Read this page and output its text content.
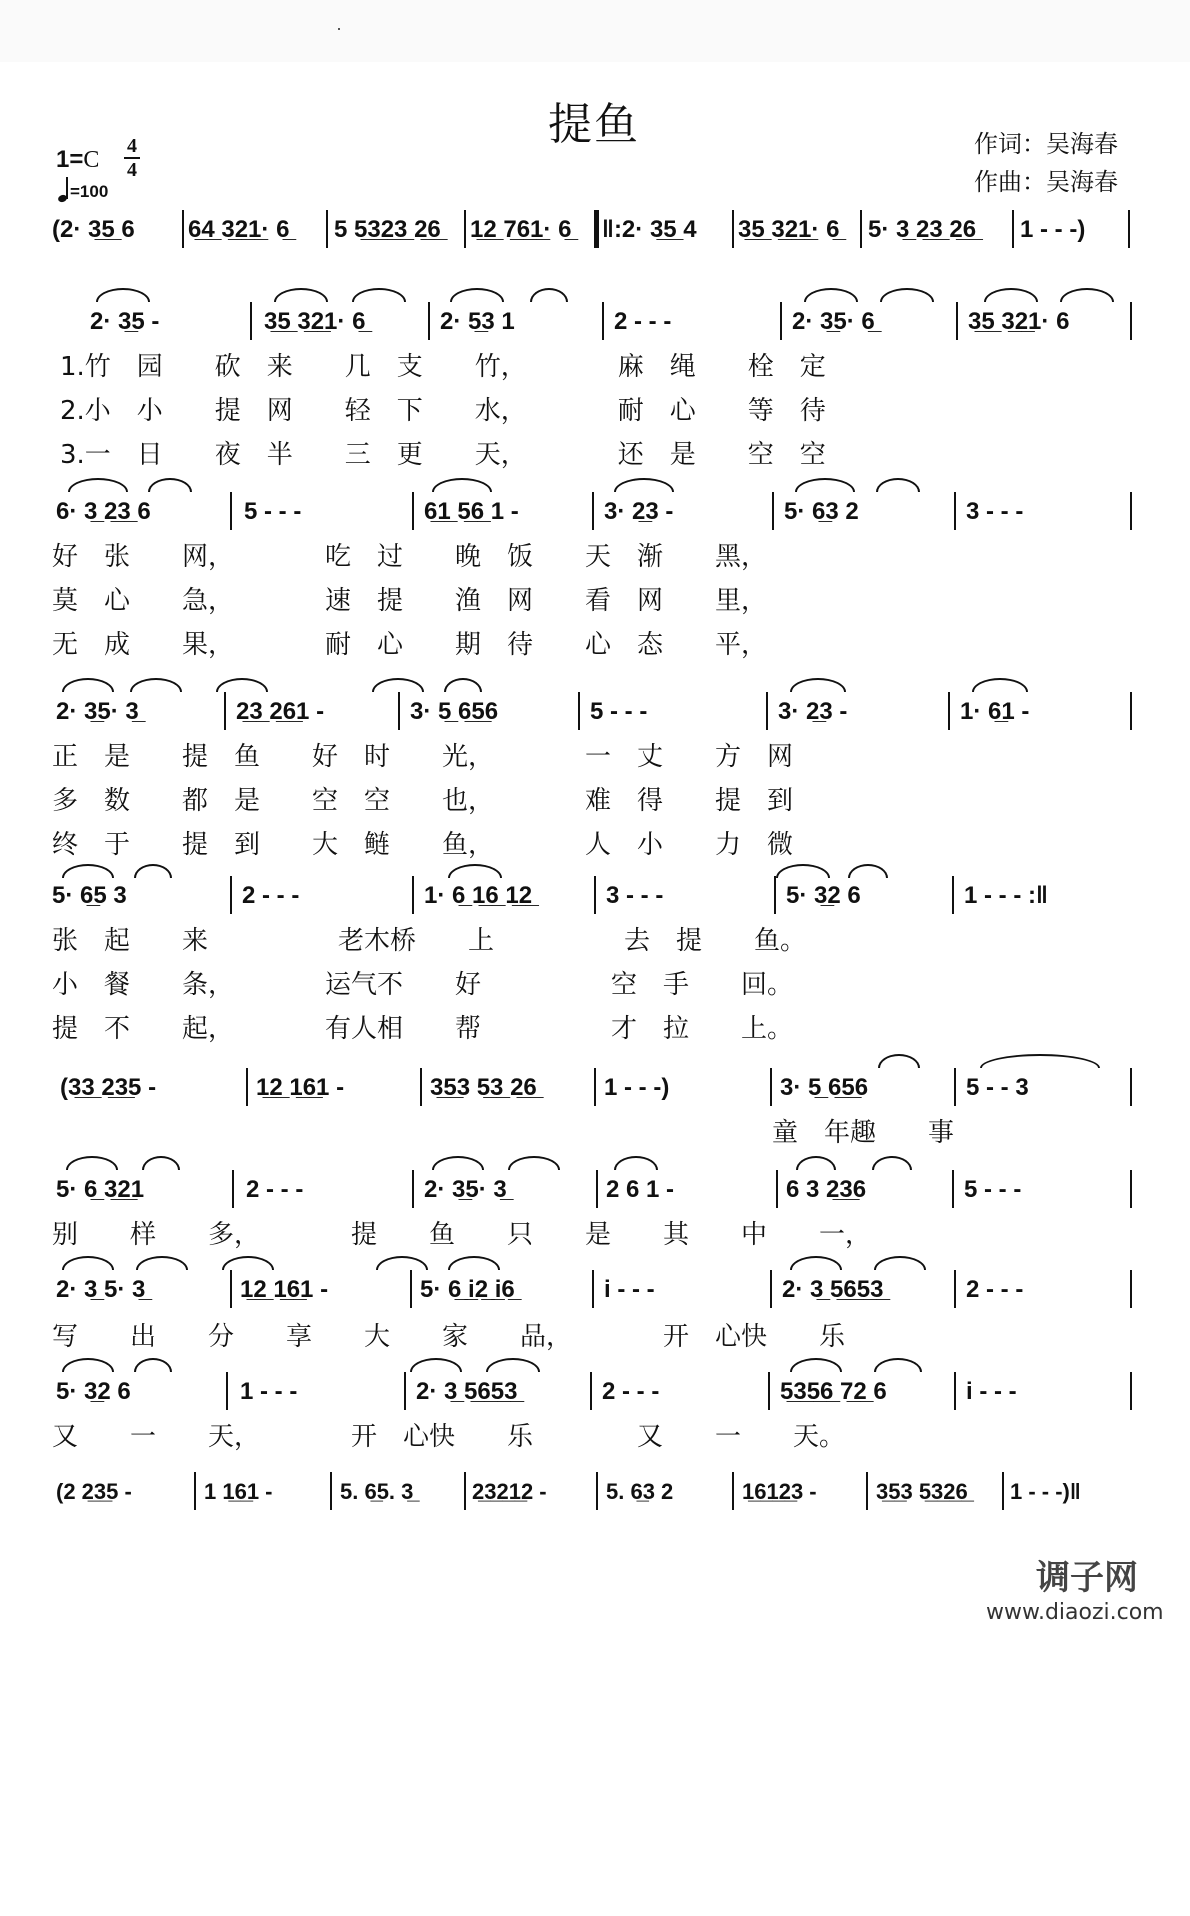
提鱼	作词：吴海春
作曲：吴海春
1=C
4
4
=100

(2· 3̲5̲ 6

6̲4̲ 3̲2̲1̲· 6̲

5 5̲3̲2̲3̲ 2̲6̲

1̲2̲ 7̲6̲1̲· 6̲

‖:2· 3̲5̲ 4

3̲5̲ 3̲2̲1̲· 6̲

5· 3̲ 2̲3̲ 2̲6̲

1 - - -)

2· 3̲5 -

	3̲5̲ 3̲2̲1· 6̲

	2· 5̲3 1

	2 - - -

	2· 3̲5· 6̲

	3̲5̲ 3̲2̲1· 6

1.竹　园　　砍　来　　几　支　　竹，　　　　麻　绳　　栓　定
2.小　小　　提　网　　轻　下　　水，　　　　耐　心　　等　待
3.一　日　　夜　半　　三　更　　天，　　　　还　是　　空　空

6· 3̲ 2̲3̲ 6

	5 - - -

	6̲1̲ 5̲6̲ 1 -

	3· 2̲3 -

	5· 6̲3 2

	3 - - -

好　张　　网，　　　　吃　过　　晚　饭　　天　渐　　黑，
莫　心　　急，　　　　速　提　　渔　网　　看　网　　里，
无　成　　果，　　　　耐　心　　期　待　　心　态　　平，

2· 3̲5· 3̲

	2̲3̲ 2̲6̲1 -

	3· 5̲ 6̲5̲6

	5 - - -

	3· 2̲3 -

	1· 6̲1 -

正　是　　提　鱼　　好　时　　光，　　　　一　丈　　方　网
多　数　　都　是　　空　空　　也，　　　　难　得　　提　到
终　于　　提　到　　大　鲢　　鱼，　　　　人　小　　力　微

5· 6̲5 3

	2 - - -

	1· 6̲ 1̲6̲ 1̲2̲

	3 - - -

	5· 3̲2 6

	1 - - - :‖

张　起　　来　　　　　老木桥　　上　　　　　去　提　　鱼。
小　餐　　条，　　　　运气不　　好　　　　　空　手　　回。
提　不　　起，　　　　有人相　　帮　　　　　才　拉　　上。

(3̲3̲ 2̲3̲5 -

	1̲2̲ 1̲6̲1 -

	3̲5̲3 5̲3̲ 2̲6̲

	1 - - -)

	3· 5̲ 6̲5̲6

	5 - - 3

童　年趣　　事

5· 6̲ 3̲2̲1

	2 - - -

	2· 3̲5· 3̲

	2 6 1 -

	6 3 2̲3̲6

	5 - - -

别　　样　　多，　　　　提　　鱼　　只　　是　　其　　中　　一，

2· 3̲ 5· 3̲

	1̲2̲ 1̲6̲1 -

	5· 6̲ i̲2̲ i̲6̲

	i - - -

	2· 3̲ 5̲6̲5̲3̲

	2 - - -

写　　出　　分　　享　　大　　家　　品，　　　　开　心快　　乐

5· 3̲2 6

	1 - - -

	2· 3̲ 5̲6̲5̲3̲

	2 - - -

	5̲3̲5̲6̲ 7̲2̲ 6

	i - - -

又　　一　　天，　　　　开　心快　　乐　　　　又　　一　　天。

(2 2̲3̲5 -

	1 1̲6̲1 -

	5. 6̲5. 3̲

	2̲3̲2̲1̲2 -

	5. 6̲3 2

	1̲6̲1̲2̲3 -

	3̲5̲3 5̲3̲2̲6̲

1 - - -)‖

调子网
www.diaozi.com
